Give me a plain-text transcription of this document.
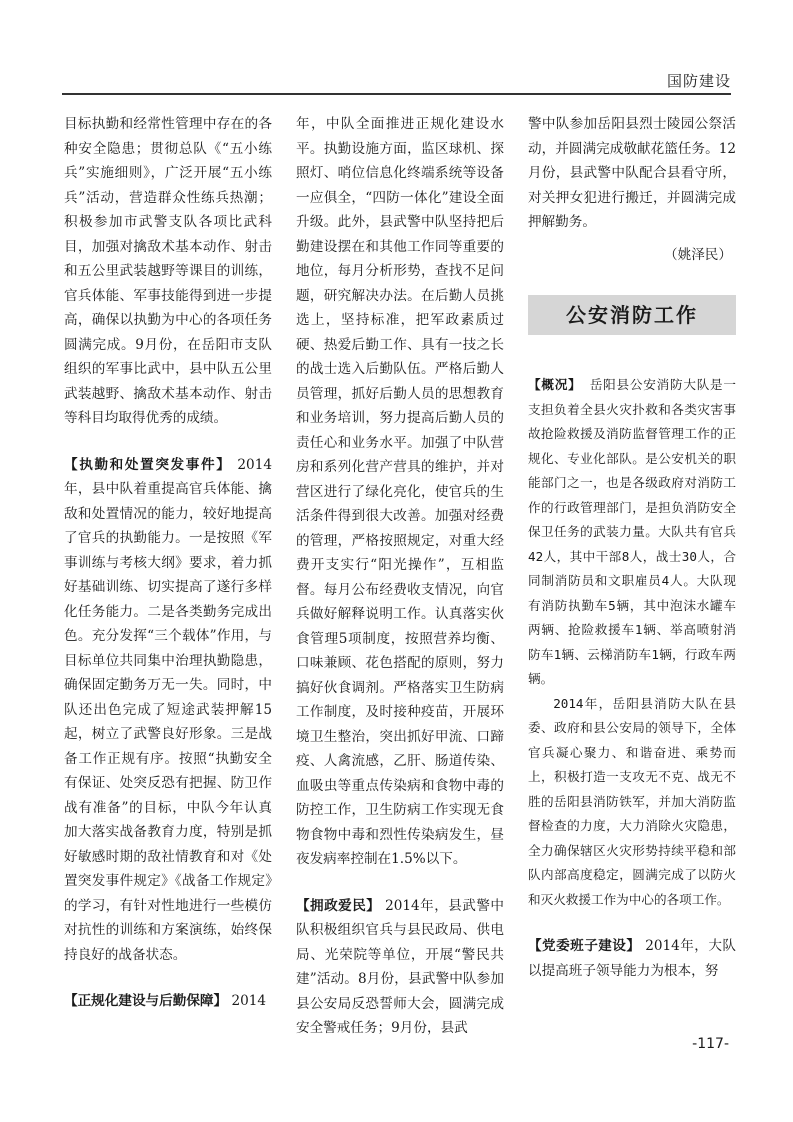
国防建设

目标执勤和经常性管理中存在的各种安全隐患；贯彻总队《“五小练兵”实施细则》，广泛开展“五小练兵”活动，营造群众性练兵热潮；积极参加市武警支队各项比武科目，加强对擒敌术基本动作、射击和五公里武装越野等课目的训练，官兵体能、军事技能得到进一步提高，确保以执勤为中心的各项任务圆满完成。9月份，在岳阳市支队组织的军事比武中，县中队五公里武装越野、擒敌术基本动作、射击等科目均取得优秀的成绩。

【执勤和处置突发事件】 2014年，县中队着重提高官兵体能、擒敌和处置情况的能力，较好地提高了官兵的执勤能力。一是按照《军事训练与考核大纲》要求，着力抓好基础训练、切实提高了遂行多样化任务能力。二是各类勤务完成出色。充分发挥“三个载体”作用，与目标单位共同集中治理执勤隐患，确保固定勤务万无一失。同时，中队还出色完成了短途武装押解15起，树立了武警良好形象。三是战备工作正规有序。按照“执勤安全有保证、处突反恐有把握、防卫作战有准备”的目标，中队今年认真加大落实战备教育力度，特别是抓好敏感时期的敌社情教育和对《处置突发事件规定》《战备工作规定》的学习，有针对性地进行一些模仿对抗性的训练和方案演练，始终保持良好的战备状态。

【正规化建设与后勤保障】 2014

年，中队全面推进正规化建设水平。执勤设施方面，监区球机、探照灯、哨位信息化终端系统等设备一应俱全，“四防一体化”建设全面升级。此外，县武警中队坚持把后勤建设摆在和其他工作同等重要的地位，每月分析形势，查找不足问题，研究解决办法。在后勤人员挑选上，坚持标准，把军政素质过硬、热爱后勤工作、具有一技之长的战士选入后勤队伍。严格后勤人员管理，抓好后勤人员的思想教育和业务培训，努力提高后勤人员的责任心和业务水平。加强了中队营房和系列化营产营具的维护，并对营区进行了绿化亮化，使官兵的生活条件得到很大改善。加强对经费的管理，严格按照规定，对重大经费开支实行“阳光操作”，互相监督。每月公布经费收支情况，向官兵做好解释说明工作。认真落实伙食管理5项制度，按照营养均衡、口味兼顾、花色搭配的原则，努力搞好伙食调剂。严格落实卫生防病工作制度，及时接种疫苗，开展环境卫生整治，突出抓好甲流、口蹄疫、人禽流感，乙肝、肠道传染、血吸虫等重点传染病和食物中毒的防控工作，卫生防病工作实现无食物食物中毒和烈性传染病发生，昼夜发病率控制在1.5%以下。

【拥政爱民】 2014年，县武警中队积极组织官兵与县民政局、供电局、光荣院等单位，开展“警民共建”活动。8月份，县武警中队参加县公安局反恐誓师大会，圆满完成安全警戒任务；9月份，县武

警中队参加岳阳县烈士陵园公祭活动，并圆满完成敬献花篮任务。12月份，县武警中队配合县看守所，对关押女犯进行搬迁，并圆满完成押解勤务。

（姚泽民）
公安消防工作

【概况】 岳阳县公安消防大队是一支担负着全县火灾扑救和各类灾害事故抢险救援及消防监督管理工作的正规化、专业化部队。是公安机关的职能部门之一，也是各级政府对消防工作的行政管理部门，是担负消防安全保卫任务的武装力量。大队共有官兵42人，其中干部8人，战士30人，合同制消防员和文职雇员4人。大队现有消防执勤车5辆，其中泡沫水罐车两辆、抢险救援车1辆、举高喷射消防车1辆、云梯消防车1辆，行政车两辆。

2014年，岳阳县消防大队在县委、政府和县公安局的领导下，全体官兵凝心聚力、和谐奋进、乘势而上，积极打造一支攻无不克、战无不胜的岳阳县消防铁军，并加大消防监督检查的力度，大力消除火灾隐患，全力确保辖区火灾形势持续平稳和部队内部高度稳定，圆满完成了以防火和灭火救援工作为中心的各项工作。

【党委班子建设】 2014年，大队以提高班子领导能力为根本，努

-117-
